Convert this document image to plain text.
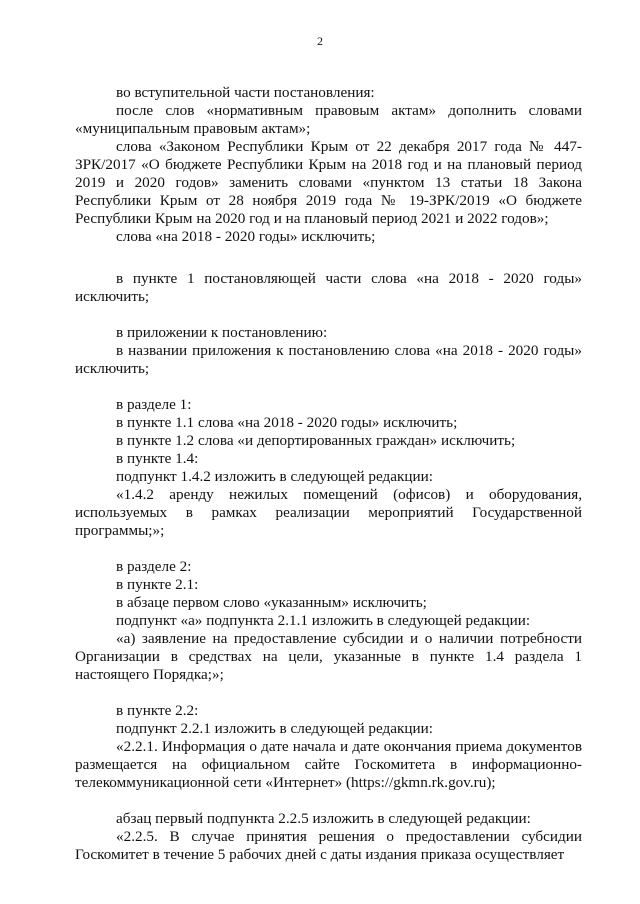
2

во вступительной части постановления:

после слов «нормативным правовым актам» дополнить словами «муниципальным правовым актам»;

слова «Законом Республики Крым от 22 декабря 2017 года № 447-ЗРК/2017 «О бюджете Республики Крым на 2018 год и на плановый период 2019 и 2020 годов» заменить словами «пунктом 13 статьи 18 Закона Республики Крым от 28 ноября 2019 года № 19-ЗРК/2019 «О бюджете Республики Крым на 2020 год и на плановый период 2021 и 2022 годов»;

слова «на 2018 - 2020 годы» исключить;

в пункте 1 постановляющей части слова «на 2018 - 2020 годы» исключить;

в приложении к постановлению:

в названии приложения к постановлению слова «на 2018 - 2020 годы» исключить;

в разделе 1:

в пункте 1.1 слова «на 2018 - 2020 годы» исключить;

в пункте 1.2 слова «и депортированных граждан» исключить;

в пункте 1.4:

подпункт 1.4.2 изложить в следующей редакции:

«1.4.2 аренду нежилых помещений (офисов) и оборудования, используемых в рамках реализации мероприятий Государственной программы;»;

в разделе 2:

в пункте 2.1:

в абзаце первом слово «указанным» исключить;

подпункт «а» подпункта 2.1.1 изложить в следующей редакции:

«а) заявление на предоставление субсидии и о наличии потребности Организации в средствах на цели, указанные в пункте 1.4 раздела 1 настоящего Порядка;»;

в пункте 2.2:

подпункт 2.2.1 изложить в следующей редакции:

«2.2.1. Информация о дате начала и дате окончания приема документов размещается на официальном сайте Госкомитета в информационно-телекоммуникационной сети «Интернет» (https://gkmn.rk.gov.ru);

абзац первый подпункта 2.2.5 изложить в следующей редакции:

«2.2.5. В случае принятия решения о предоставлении субсидии Госкомитет в течение 5 рабочих дней с даты издания приказа осуществляет
